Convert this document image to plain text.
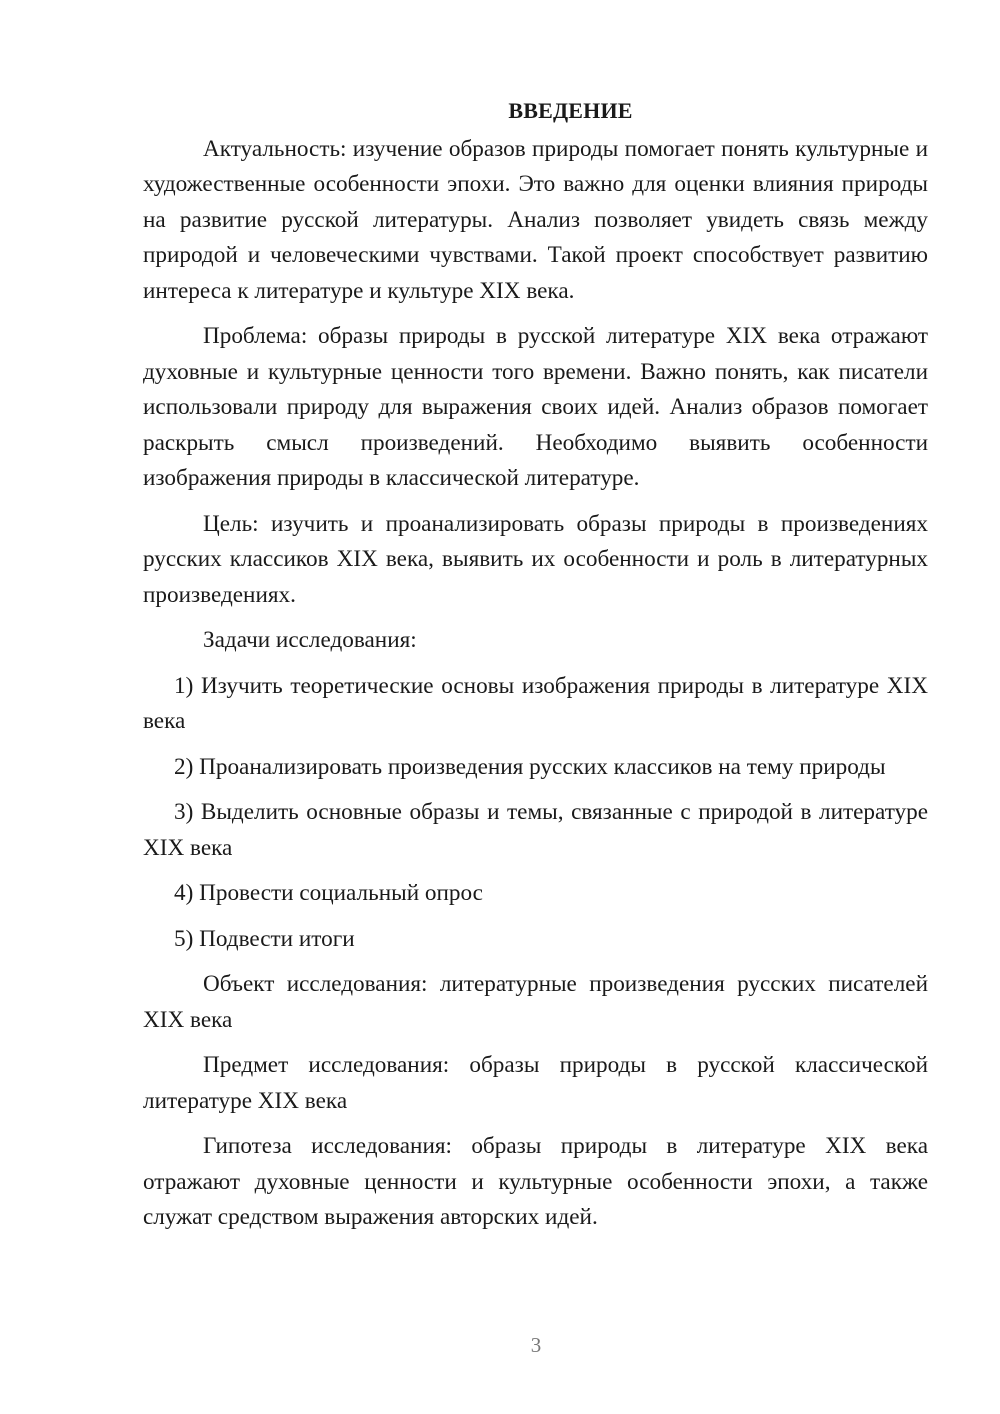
ВВЕДЕНИЕ

Актуальность: изучение образов природы помогает понять культурные и художественные особенности эпохи. Это важно для оценки влияния природы на развитие русской литературы. Анализ позволяет увидеть связь между природой и человеческими чувствами. Такой проект способствует развитию интереса к литературе и культуре XIX века.

Проблема: образы природы в русской литературе XIX века отражают духовные и культурные ценности того времени. Важно понять, как писатели использовали природу для выражения своих идей. Анализ образов помогает раскрыть смысл произведений. Необходимо выявить особенности изображения природы в классической литературе.

Цель: изучить и проанализировать образы природы в произведениях русских классиков XIX века, выявить их особенности и роль в литературных произведениях.

Задачи исследования:

1) Изучить теоретические основы изображения природы в литературе XIX века

2) Проанализировать произведения русских классиков на тему природы

3) Выделить основные образы и темы, связанные с природой в литературе XIX века

4) Провести социальный опрос

5) Подвести итоги

Объект исследования: литературные произведения русских писателей XIX века

Предмет исследования: образы природы в русской классической литературе XIX века

Гипотеза исследования: образы природы в литературе XIX века отражают духовные ценности и культурные особенности эпохи, а также служат средством выражения авторских идей.

3
